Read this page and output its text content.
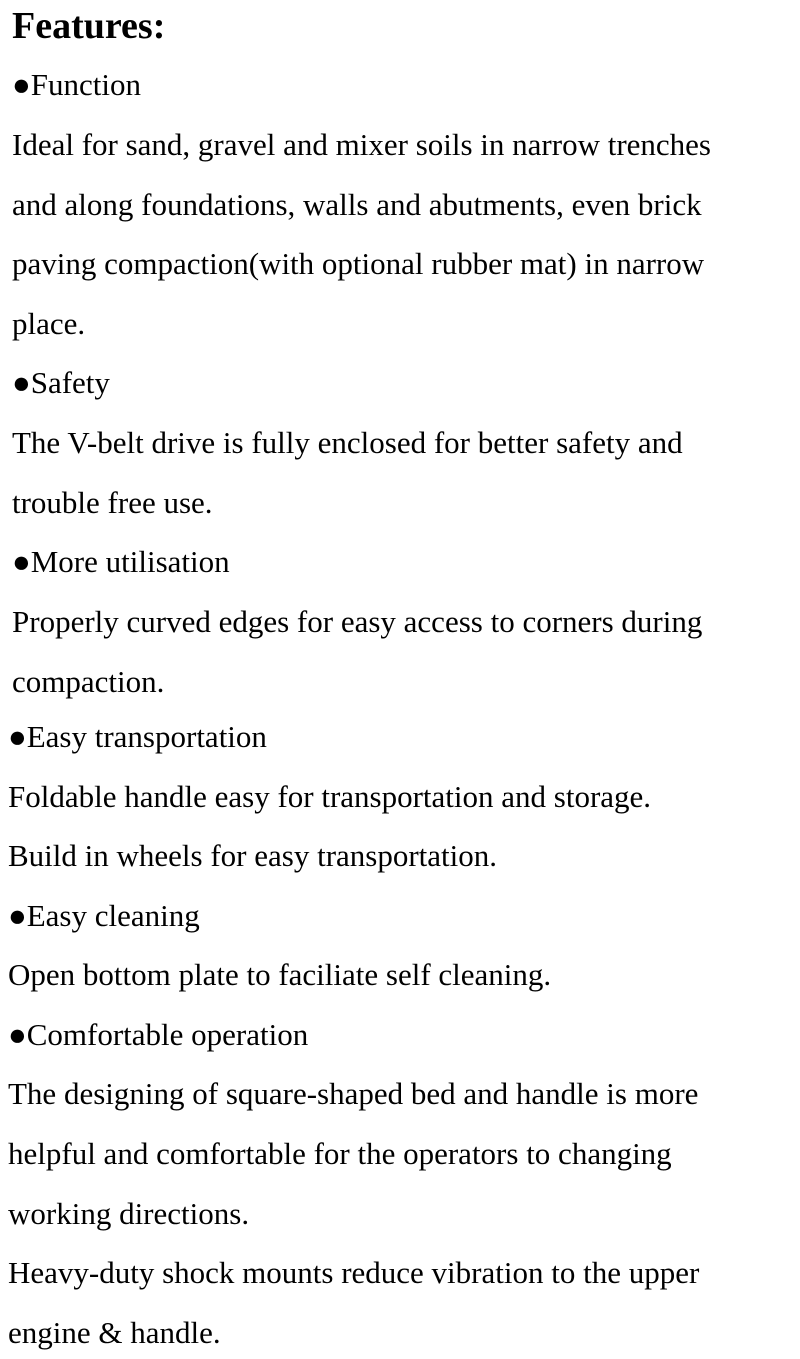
Features:
●Function
Ideal for sand, gravel and mixer soils in narrow trenches
and along foundations, walls and abutments, even brick
paving compaction(with optional rubber mat) in narrow
place.
●Safety
The V-belt drive is fully enclosed for better safety and
trouble free use.
●More utilisation
Properly curved edges for easy access to corners during
compaction.
●Easy transportation
Foldable handle easy for transportation and storage.
Build in wheels for easy transportation.
●Easy cleaning
Open bottom plate to faciliate self cleaning.
●Comfortable operation
The designing of square-shaped bed and handle is more
helpful and comfortable for the operators to changing
working directions.
Heavy-duty shock mounts reduce vibration to the upper
engine & handle.
